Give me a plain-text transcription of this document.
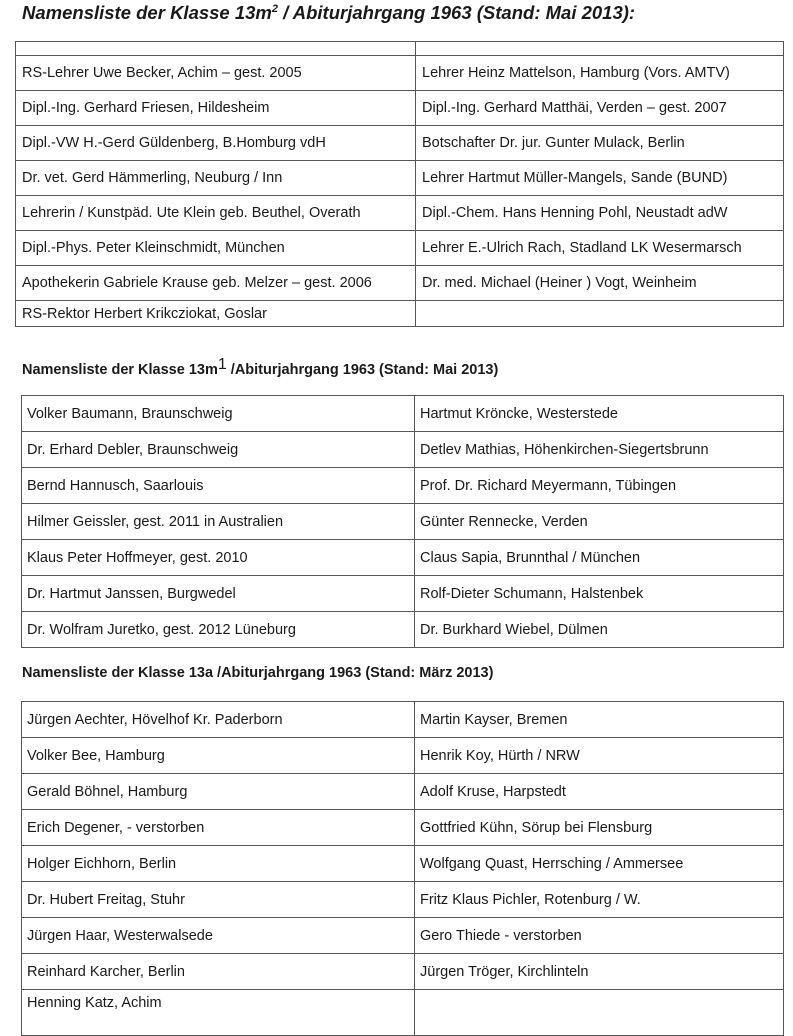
Namensliste der Klasse $13m^2$ / Abiturjahrgang 1963 (Stand: Mai 2013):

RS-Lehrer Uwe Becker, Achim – gest. 2005	Lehrer Heinz Mattelson, Hamburg (Vors. AMTV)
Dipl.-Ing. Gerhard Friesen, Hildesheim	Dipl.-Ing. Gerhard Matthäi, Verden – gest. 2007
Dipl.-VW H.-Gerd Güldenberg, B.Homburg vdH	Botschafter Dr. jur. Gunter Mulack, Berlin
Dr. vet. Gerd Hämmerling, Neuburg / Inn	Lehrer Hartmut Müller-Mangels, Sande (BUND)
Lehrerin / Kunstpäd. Ute Klein geb. Beuthel, Overath	Dipl.-Chem. Hans Henning Pohl, Neustadt adW
Dipl.-Phys. Peter Kleinschmidt, München	Lehrer E.-Ulrich Rach, Stadland LK Wesermarsch
Apothekerin Gabriele Krause geb. Melzer – gest. 2006	Dr. med. Michael (Heiner ) Vogt, Weinheim
RS-Rektor Herbert Krikcziokat, Goslar	
Namensliste der Klasse $13m^1$ /Abiturjahrgang 1963 (Stand: Mai 2013)
Volker Baumann, Braunschweig	Hartmut Kröncke, Westerstede
Dr. Erhard Debler, Braunschweig	Detlev Mathias, Höhenkirchen-Siegertsbrunn
Bernd Hannusch, Saarlouis	Prof. Dr. Richard Meyermann, Tübingen
Hilmer Geissler, gest. 2011 in Australien	Günter Rennecke, Verden
Klaus Peter Hoffmeyer, gest. 2010	Claus Sapia, Brunnthal / München
Dr. Hartmut Janssen, Burgwedel	Rolf-Dieter Schumann, Halstenbek
Dr. Wolfram Juretko, gest. 2012 Lüneburg	Dr. Burkhard Wiebel, Dülmen
Namensliste der Klasse 13a /Abiturjahrgang 1963 (Stand: März 2013)
Jürgen Aechter, Hövelhof Kr. Paderborn	Martin Kayser, Bremen
Volker Bee, Hamburg	Henrik Koy, Hürth / NRW
Gerald Böhnel, Hamburg	Adolf Kruse, Harpstedt
Erich Degener, - verstorben	Gottfried Kühn, Sörup bei Flensburg
Holger Eichhorn, Berlin	Wolfgang Quast, Herrsching / Ammersee
Dr. Hubert Freitag, Stuhr	Fritz Klaus Pichler, Rotenburg / W.
Jürgen Haar, Westerwalsede	Gero Thiede - verstorben
Reinhard Karcher, Berlin	Jürgen Tröger, Kirchlinteln
Henning Katz, Achim	
